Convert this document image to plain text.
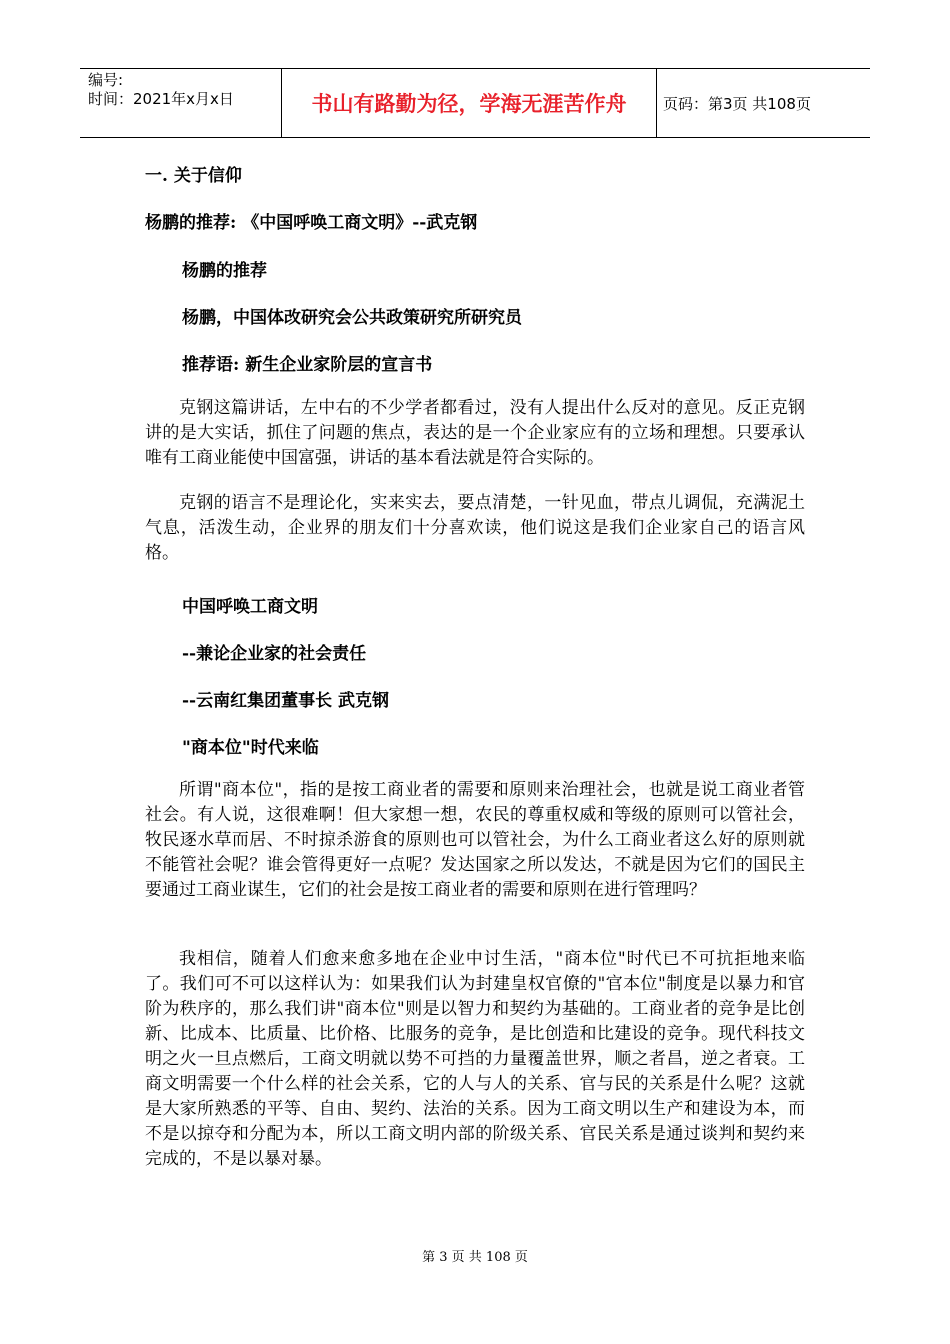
编号:
时间：2021年x月x日	书山有路勤为径，学海无涯苦作舟	页码：第3页 共108页
一. 关于信仰
杨鹏的推荐: 《中国呼唤工商文明》--武克钢
杨鹏的推荐
杨鹏，中国体改研究会公共政策研究所研究员
推荐语: 新生企业家阶层的宣言书
克钢这篇讲话，左中右的不少学者都看过，没有人提出什么反对的意见。反正克钢讲的是大实话，抓住了问题的焦点，表达的是一个企业家应有的立场和理想。只要承认唯有工商业能使中国富强，讲话的基本看法就是符合实际的。
克钢的语言不是理论化，实来实去，要点清楚，一针见血，带点儿调侃，充满泥土气息，活泼生动，企业界的朋友们十分喜欢读，他们说这是我们企业家自己的语言风格。
中国呼唤工商文明
--兼论企业家的社会责任
--云南红集团董事长 武克钢
"商本位"时代来临
所谓"商本位"，指的是按工商业者的需要和原则来治理社会，也就是说工商业者管社会。有人说，这很难啊！但大家想一想，农民的尊重权威和等级的原则可以管社会，牧民逐水草而居、不时掠杀游食的原则也可以管社会，为什么工商业者这么好的原则就不能管社会呢？谁会管得更好一点呢？发达国家之所以发达，不就是因为它们的国民主要通过工商业谋生，它们的社会是按工商业者的需要和原则在进行管理吗？
我相信，随着人们愈来愈多地在企业中讨生活，"商本位"时代已不可抗拒地来临了。我们可不可以这样认为：如果我们认为封建皇权官僚的"官本位"制度是以暴力和官阶为秩序的，那么我们讲"商本位"则是以智力和契约为基础的。工商业者的竞争是比创新、比成本、比质量、比价格、比服务的竞争，是比创造和比建设的竞争。现代科技文明之火一旦点燃后，工商文明就以势不可挡的力量覆盖世界，顺之者昌，逆之者衰。工商文明需要一个什么样的社会关系，它的人与人的关系、官与民的关系是什么呢？这就是大家所熟悉的平等、自由、契约、法治的关系。因为工商文明以生产和建设为本，而不是以掠夺和分配为本，所以工商文明内部的阶级关系、官民关系是通过谈判和契约来完成的，不是以暴对暴。
第 3 页 共 108 页
